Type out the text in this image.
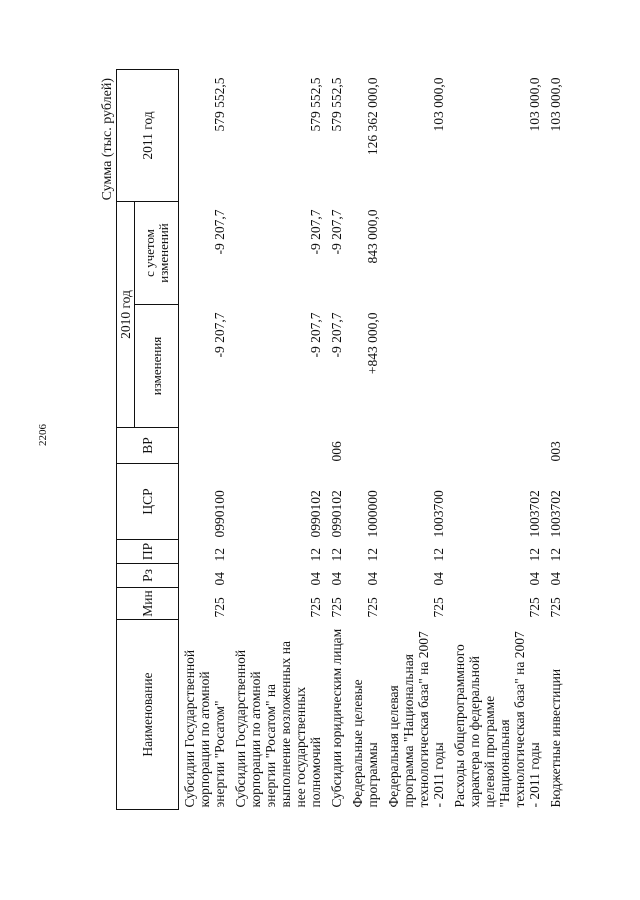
2206
Сумма (тыс. рублей)
Наименование	Мин	Рз	ПР	ЦСР	ВР	2010 год		2011 год
						изменения	с учетом изменений	
Субсидии Государственной корпорации по атомной энергии "Росатом"	725	04	12	0990100		-9 207,7	-9 207,7	579 552,5
Субсидии Государственной корпорации по атомной энергии "Росатом" на выполнение возложенных на нее государственных полномочий	725	04	12	0990102		-9 207,7	-9 207,7	579 552,5
Субсидии юридическим лицам	725	04	12	0990102	006	-9 207,7	-9 207,7	579 552,5
Федеральные целевые программы	725	04	12	1000000		+843 000,0	843 000,0	126 362 000,0
Федеральная целевая программа "Национальная технологическая база" на 2007 - 2011 годы	725	04	12	1003700				103 000,0
Расходы общепрограммного характера по федеральной целевой программе "Национальная технологическая база" на 2007 - 2011 годы	725	04	12	1003702				103 000,0
Бюджетные инвестиции	725	04	12	1003702	003			103 000,0
